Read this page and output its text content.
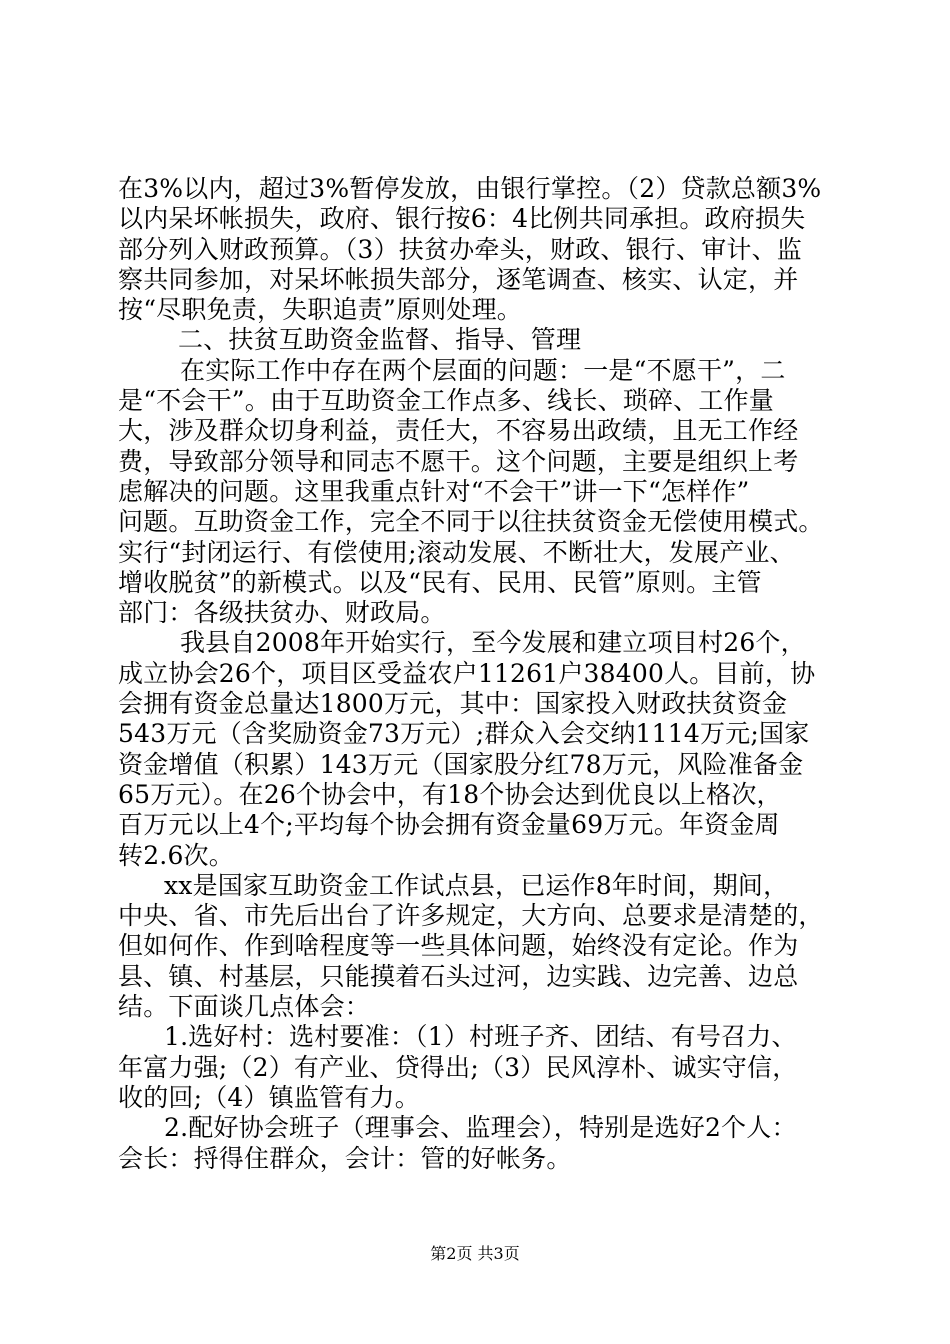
在3%以内，超过3%暂停发放，由银行掌控。（2）贷款总额3%
以内呆坏帐损失，政府、银行按6：4比例共同承担。政府损失
部分列入财政预算。（3）扶贫办牵头，财政、银行、审计、监
察共同参加，对呆坏帐损失部分，逐笔调查、核实、认定，并
按“尽职免责，失职追责”原则处理。
二、扶贫互助资金监督、指导、管理
在实际工作中存在两个层面的问题：一是“不愿干”，二
是“不会干”。由于互助资金工作点多、线长、琐碎、工作量
大，涉及群众切身利益，责任大，不容易出政绩，且无工作经
费，导致部分领导和同志不愿干。这个问题，主要是组织上考
虑解决的问题。这里我重点针对“不会干”讲一下“怎样作”
问题。互助资金工作，完全不同于以往扶贫资金无偿使用模式。
实行“封闭运行、有偿使用;滚动发展、不断壮大，发展产业、
增收脱贫”的新模式。以及“民有、民用、民管”原则。主管
部门：各级扶贫办、财政局。
我县自2008年开始实行，至今发展和建立项目村26个，
成立协会26个，项目区受益农户11261户38400人。目前，协
会拥有资金总量达1800万元，其中：国家投入财政扶贫资金
543万元（含奖励资金73万元）;群众入会交纳1114万元;国家
资金增值（积累）143万元（国家股分红78万元，风险准备金
65万元）。在26个协会中，有18个协会达到优良以上格次，
百万元以上4个;平均每个协会拥有资金量69万元。年资金周
转2.6次。
xx是国家互助资金工作试点县，已运作8年时间，期间，
中央、省、市先后出台了许多规定，大方向、总要求是清楚的，
但如何作、作到啥程度等一些具体问题，始终没有定论。作为
县、镇、村基层，只能摸着石头过河，边实践、边完善、边总
结。下面谈几点体会：
1.选好村：选村要准：（1）村班子齐、团结、有号召力、
年富力强;（2）有产业、贷得出;（3）民风淳朴、诚实守信，
收的回;（4）镇监管有力。
2.配好协会班子（理事会、监理会），特别是选好2个人：
会长：捋得住群众，会计：管的好帐务。
第2页 共3页
